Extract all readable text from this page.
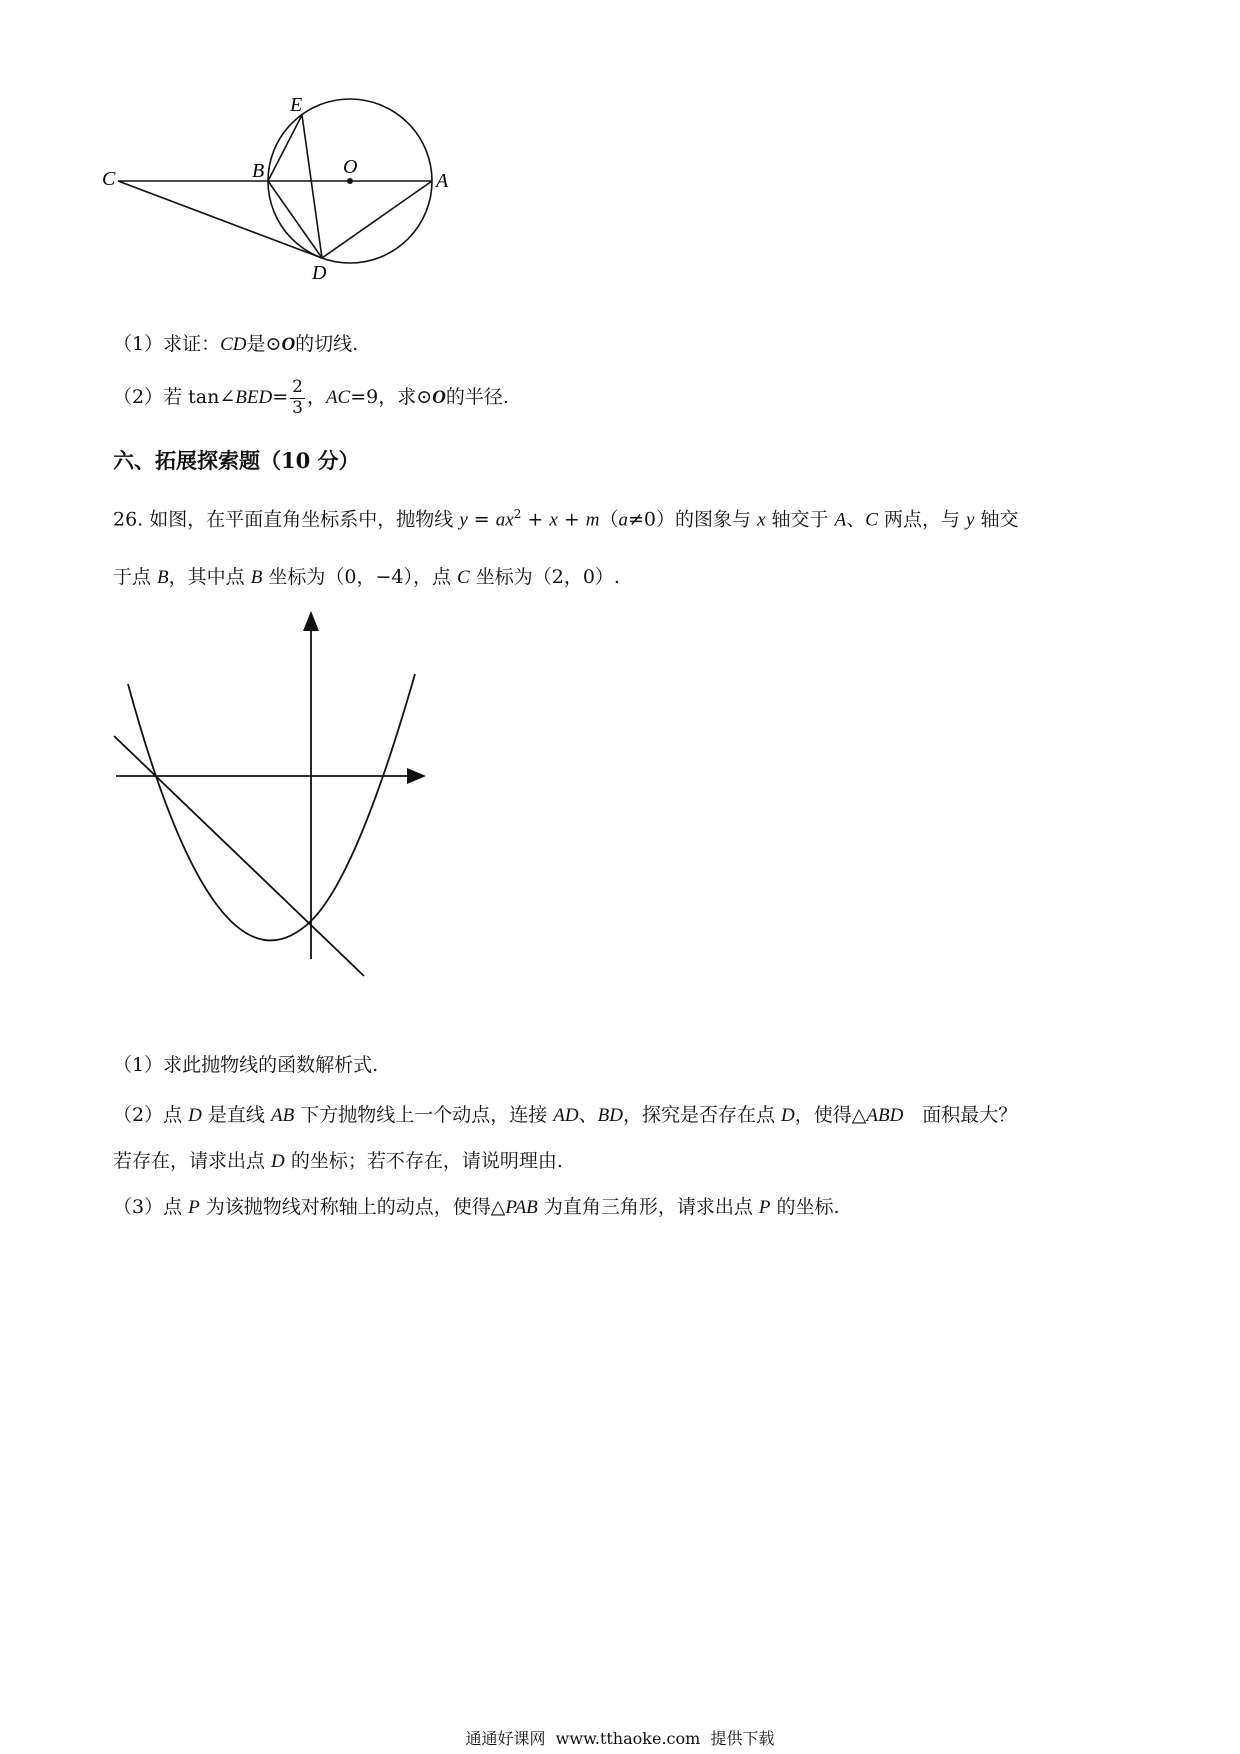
E
B	O
A
C
D
（1）求证：CD是⊙O的切线.
（2）若 tan∠BED= $\frac{2}{3}$ ，AC=9，求⊙O的半径.
六、拓展探索题（10 分）
26. 如图，在平面直角坐标系中，抛物线 $y = ax^2 + x + m(a\ne 0)$的图象与 x 轴交于 A、C 两点，与 y 轴交
于点 B，其中点 B 坐标为（0，−4），点 C 坐标为（2，0）.
（1）求此抛物线的函数解析式.
（2）点 D 是直线 AB 下方抛物线上一个动点，连接 AD、BD，探究是否存在点 D，使得△ABD　面积最大？
若存在，请求出点 D 的坐标；若不存在，请说明理由.
（3）点 P 为该抛物线对称轴上的动点，使得△PAB 为直角三角形，请求出点 P 的坐标.
通通好课网  www.tthaoke.com  提供下载
